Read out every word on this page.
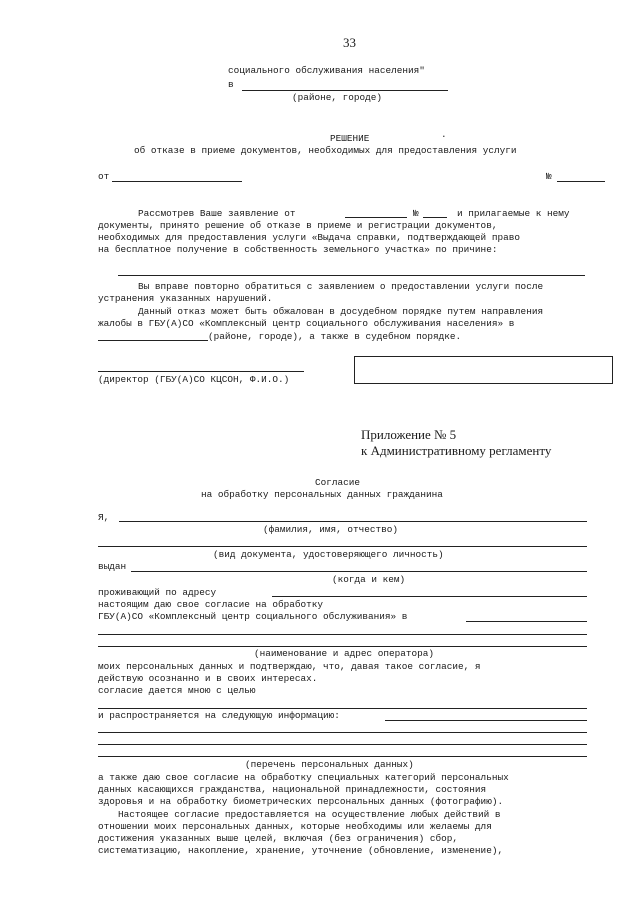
33
социального обслуживания населения"
в
(районе, городе)
РЕШЕНИЕ	·
об отказе в приеме документов, необходимых для предоставления услуги
от	№
Рассмотрев Ваше заявление от	№	и прилагаемые к нему
документы, принято решение об отказе в приеме и регистрации документов,
необходимых для предоставления услуги «Выдача справки, подтверждающей право
на бесплатное получение в собственность земельного участка» по причине:
Вы вправе повторно обратиться с заявлением о предоставлении услуги после
устранения указанных нарушений.
Данный отказ может быть обжалован в досудебном порядке путем направления
жалобы в ГБУ(А)СО «Комплексный центр социального обслуживания населения» в
(районе, городе), а также в судебном порядке.
(директор (ГБУ(А)СО КЦСОН, Ф.И.О.)
Приложение № 5
к Административному регламенту
Согласие
на обработку персональных данных гражданина
Я,
(фамилия, имя, отчество)
(вид документа, удостоверяющего личность)
выдан
(когда и кем)
проживающий по адресу
настоящим даю свое согласие на обработку
ГБУ(А)СО «Комплексный центр социального обслуживания» в
(наименование и адрес оператора)
моих персональных данных и подтверждаю, что, давая такое согласие, я
действую осознанно и в своих интересах.
согласие дается мною с целью
и распространяется на следующую информацию:
(перечень персональных данных)
а также даю свое согласие на обработку специальных категорий персональных
данных касающихся гражданства, национальной принадлежности, состояния
здоровья и на обработку биометрических персональных данных (фотографию).
Настоящее согласие предоставляется на осуществление любых действий в
отношении моих персональных данных, которые необходимы или желаемы для
достижения указанных выше целей, включая (без ограничения) сбор,
систематизацию, накопление, хранение, уточнение (обновление, изменение),
